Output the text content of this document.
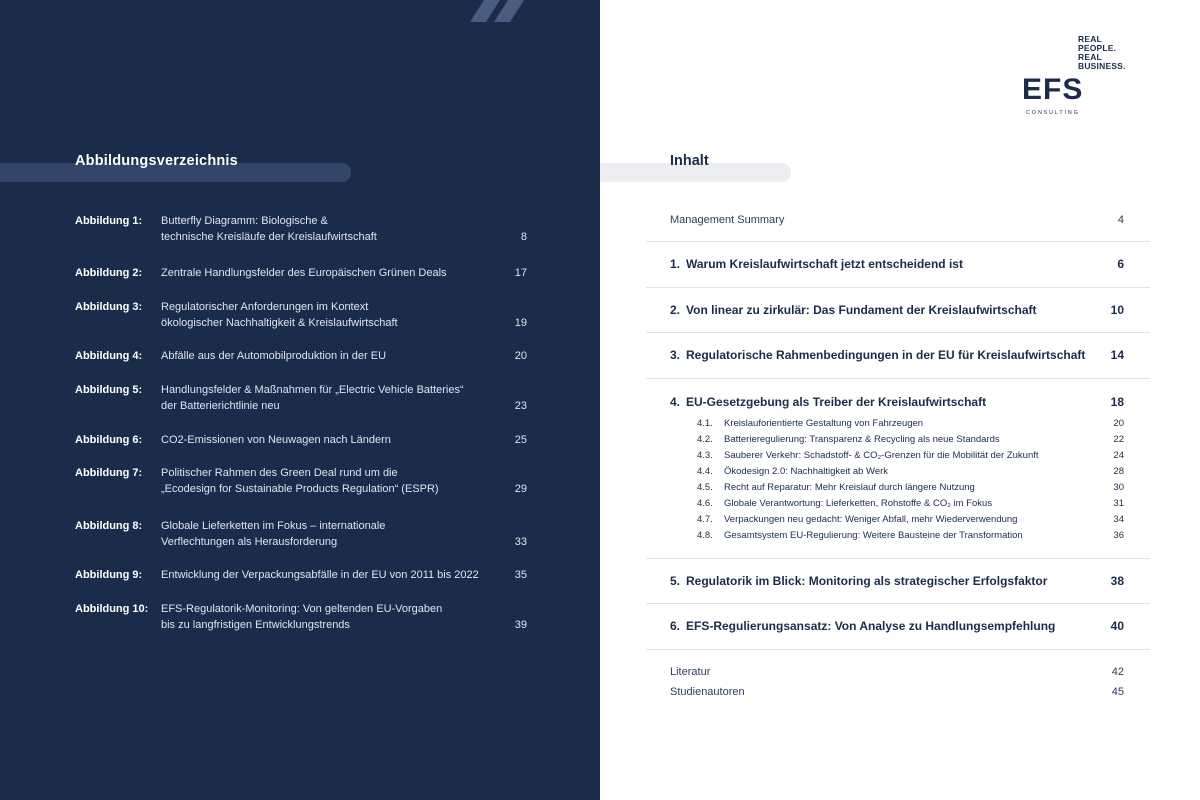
Abbildungsverzeichnis
Abbildung 1:	Butterfly Diagramm: Biologische &
technische Kreisläufe der Kreislaufwirtschaft	8
Abbildung 2:	Zentrale Handlungsfelder des Europäischen Grünen Deals	17
Abbildung 3:	Regulatorischer Anforderungen im Kontext
ökologischer Nachhaltigkeit & Kreislaufwirtschaft	19
Abbildung 4:	Abfälle aus der Automobilproduktion in der EU	20
Abbildung 5:	Handlungsfelder & Maßnahmen für „Electric Vehicle Batteries“
der Batterierichtlinie neu	23
Abbildung 6:	CO2-Emissionen von Neuwagen nach Ländern	25
Abbildung 7:	Politischer Rahmen des Green Deal rund um die
„Ecodesign for Sustainable Products Regulation“ (ESPR)	29
Abbildung 8:	Globale Lieferketten im Fokus – internationale
Verflechtungen als Herausforderung	33
Abbildung 9:	Entwicklung der Verpackungsabfälle in der EU von 2011 bis 2022	35
Abbildung 10:	EFS-Regulatorik-Monitoring: Von geltenden EU-Vorgaben
bis zu langfristigen Entwicklungstrends	39
REAL
PEOPLE.
REAL
BUSINESS.
EFS
CONSULTING
Inhalt
Management Summary	4
1. Warum Kreislaufwirtschaft jetzt entscheidend ist	6
2. Von linear zu zirkulär: Das Fundament der Kreislaufwirtschaft	10
3. Regulatorische Rahmenbedingungen in der EU für Kreislaufwirtschaft	14
4. EU-Gesetzgebung als Treiber der Kreislaufwirtschaft	18
4.1.	Kreislauforientierte Gestaltung von Fahrzeugen	20
4.2.	Batterieregulierung: Transparenz & Recycling als neue Standards	22
4.3.	Sauberer Verkehr: Schadstoff- & CO₂-Grenzen für die Mobilität der Zukunft	24
4.4.	Ökodesign 2.0: Nachhaltigkeit ab Werk	28
4.5.	Recht auf Reparatur: Mehr Kreislauf durch längere Nutzung	30
4.6.	Globale Verantwortung: Lieferketten, Rohstoffe & CO₂ im Fokus	31
4.7.	Verpackungen neu gedacht: Weniger Abfall, mehr Wiederverwendung	34
4.8.	Gesamtsystem EU-Regulierung: Weitere Bausteine der Transformation	36
5. Regulatorik im Blick: Monitoring als strategischer Erfolgsfaktor	38
6. EFS-Regulierungsansatz: Von Analyse zu Handlungsempfehlung	40
Literatur	42
Studienautoren	45
